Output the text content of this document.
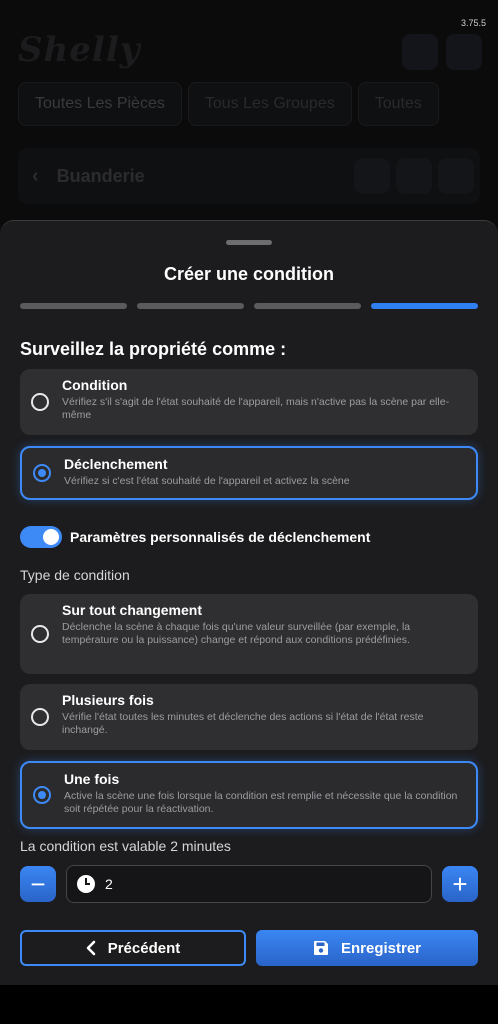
3.75.5
Shelly
Toutes Les Pièces	Tous Les Groupes	Toutes
‹ Buanderie
Créer une condition
Surveillez la propriété comme :
Condition
Vérifiez s'il s'agit de l'état souhaité de l'appareil, mais n'active pas la scène par elle-même
Déclenchement
Vérifiez si c'est l'état souhaité de l'appareil et activez la scène
Paramètres personnalisés de déclenchement
Type de condition
Sur tout changement
Déclenche la scène à chaque fois qu'une valeur surveillée (par exemple, la température ou la puissance) change et répond aux conditions prédéfinies.
Plusieurs fois
Vérifie l'état toutes les minutes et déclenche des actions si l'état de l'état reste inchangé.
Une fois
Active la scène une fois lorsque la condition est remplie et nécessite que la condition soit répétée pour la réactivation.
La condition est valable 2 minutes
−
2	+
Précédent	Enregistrer
